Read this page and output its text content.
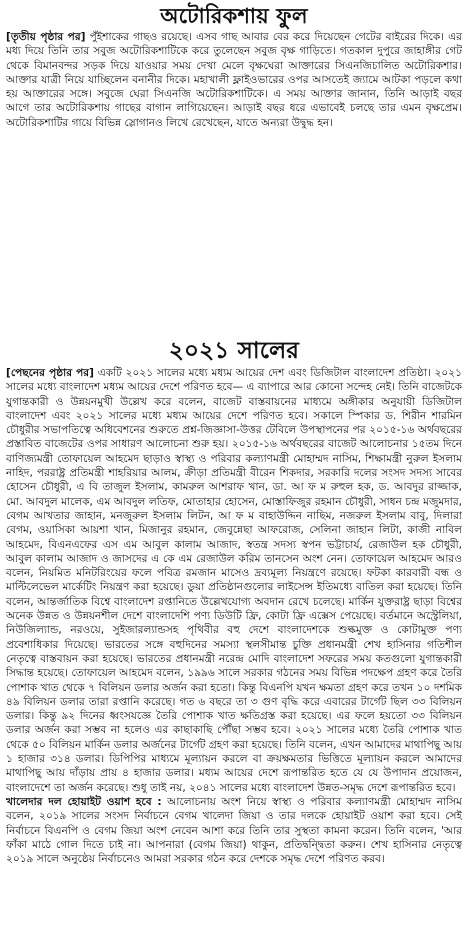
অটোরিকশায় ফুল

[তৃতীয় পৃষ্ঠার পর] পুঁইশাকের গাছও রয়েছে। এসব গাছ আবার বের করে দিয়েছেন গেটের বাইরের দিকে। এর মধ্য দিয়ে তিনি তার সবুজ অটোরিকশাটিকে করে তুলেছেন সবুজ বৃক্ষ গাড়িতে। গতকাল দুপুরে জাহাঙ্গীর গেট থেকে বিমানবন্দর সড়ক দিয়ে যাওয়ার সময় দেখা মেলে বৃক্ষঘেরা আক্তারের সিএনজিচালিত অটোরিকশার। আক্তার যাত্রী নিয়ে যাচ্ছিলেন বনানীর দিকে। মহাখালী ফ্লাইওভারের ওপর আসতেই জ্যামে আটকা পড়লে কথা হয় আক্তারের সঙ্গে। সবুজে ঘেরা সিএনজি অটোরিকশাটিকে। এ সময় আক্তার জানান, তিনি আড়াই বছর আগে তার অটোরিকশায় গাছের বাগান লাগিয়েছেন। আড়াই বছর ধরে এভাবেই চলছে তার এমন বৃক্ষপ্রেম। অটোরিকশাটির গায়ে বিভিন্ন স্লোগানও লিখে রেখেছেন, যাতে অন্যরা উদ্বুদ্ধ হন।

২০২১ সালের

[পেছনের পৃষ্ঠার পর] একটি ২০২১ সালের মধ্যে মধ্যম আয়ের দেশ এবং ডিজিটাল বাংলাদেশ প্রতিষ্ঠা। ২০২১ সালের মধ্যে বাংলাদেশ মধ্যম আয়ের দেশে পরিণত হবে— এ ব্যাপারে আর কোনো সন্দেহ নেই। তিনি বাজেটকে যুগান্তকারী ও উন্নয়নমুখী উল্লেখ করে বলেন, বাজেট বাস্তবায়নের মাধ্যমে অঙ্গীকার অনুযায়ী ডিজিটাল বাংলাদেশ এবং ২০২১ সালের মধ্যে মধ্যম আয়ের দেশে পরিণত হবে। সকালে স্পিকার ড. শিরীন শারমিন চৌধুরীর সভাপতিত্বে অধিবেশনের শুরুতে প্রশ্ন-জিজ্ঞাসা-উত্তর টেবিলে উপস্থাপনের পর ২০১৫-১৬ অর্থবছরের প্রস্তাবিত বাজেটের ওপর সাধারণ আলোচনা শুরু হয়। ২০১৫-১৬ অর্থবছরের বাজেট আলোচনার ১৫তম দিনে বাণিজ্যমন্ত্রী তোফায়েল আহমেদ ছাড়াও স্বাস্থ্য ও পরিবার কল্যাণমন্ত্রী মোহাম্মদ নাসিম, শিক্ষামন্ত্রী নুরুল ইসলাম নাহিদ, পররাষ্ট্র প্রতিমন্ত্রী শাহরিয়ার আলম, ক্রীড়া প্রতিমন্ত্রী বীরেন শিকদার, সরকারি দলের সংসদ সদস্য সাবের হোসেন চৌধুরী, এ বি তাজুল ইসলাম, কামরুল আশরাফ খান, ডা. আ ফ ম রুহুল হক, ড. আবদুর রাজ্জাক, মো. আবদুল মালেক, এম আবদুল লতিফ, মোতাহার হোসেন, মোস্তাফিজুর রহমান চৌধুরী, সাধন চন্দ্র মজুমদার, বেগম আখতার জাহান, মনজুরুল ইসলাম লিটন, আ ফ ম বাহাউদ্দিন নাছিম, নজরুল ইসলাম বাবু, দিলারা বেগম, ওয়াসিকা আয়শা খান, মিজানুর রহমান, জেবুন্নেছা আফরোজ, সেলিনা জাহান লিটা, কাজী নাবিল আহমেদ, বিএনএফের এস এম আবুল কালাম আজাদ, স্বতন্ত্র সদস্য স্বপন ভট্টাচার্য, রেজাউল হক চৌধুরী, আবুল কালাম আজাদ ও জাসদের এ কে এম রেজাউল করিম তানসেন অংশ নেন। তোফায়েল আহমেদ আরও বলেন, নিয়মিত মনিটরিংয়ের ফলে পবিত্র রমজান মাসেও দ্রব্যমূল্য নিয়ন্ত্রণে রয়েছে। ফটকা কারবারী বন্ধ ও মাল্টিলেভেল মার্কেটিং নিয়ন্ত্রণ করা হয়েছে। ডুয়া প্রতিষ্ঠানগুলোর লাইসেন্স ইতিমধ্যে বাতিল করা হয়েছে। তিনি বলেন, আন্তর্জাতিক বিশ্বে বাংলাদেশ রপ্তানিতে উল্লেখযোগ্য অবদান রেখে চলেছে। মার্কিন যুক্তরাষ্ট্র ছাড়া বিশ্বের অনেক উন্নত ও উন্নয়নশীল দেশে বাংলাদেশি পণ্য ডিউটি ফ্রি, কোটা ফ্রি এক্সেস পেয়েছে। বর্তমানে অস্ট্রেলিয়া, নিউজিল্যান্ড, নরওয়ে, সুইজারল্যান্ডসহ পৃথিবীর বহু দেশে বাংলাদেশকে শুল্কমুক্ত ও কোটামুক্ত পণ্য প্রবেশাধিকার দিয়েছে। ভারতের সঙ্গে বহুদিনের সমস্যা স্থলসীমান্ত চুক্তি প্রধানমন্ত্রী শেখ হাসিনার গতিশীল নেতৃত্বে বাস্তবায়ন করা হয়েছে। ভারতের প্রধানমন্ত্রী নরেন্দ্র মোদি বাংলাদেশ সফরের সময় কতগুলো যুগান্তকারী সিদ্ধান্ত হয়েছে। তোফায়েল আহমেদ বলেন, ১৯৯৬ সালে সরকার গঠনের সময় বিভিন্ন পদক্ষেপ গ্রহণ করে তৈরি পোশাক খাত থেকে ৭ বিলিয়ন ডলার অর্জন করা হতো। কিন্তু বিএনপি যখন ক্ষমতা গ্রহণ করে তখন ১০ দশমিক ৪৯ বিলিয়ন ডলার তারা রপ্তানি করেছে। গত ৬ বছরে তা ৩ গুণ বৃদ্ধি করে এবারের টার্গেট ছিল ৩৩ বিলিয়ন ডলার। কিন্তু ৯২ দিনের ধ্বংসযজ্ঞে তৈরি পোশাক খাত ক্ষতিগ্রস্ত করা হয়েছে। এর ফলে হয়তো ৩৩ বিলিয়ন ডলার অর্জন করা সম্ভব না হলেও এর কাছাকাছি পৌঁছা সম্ভব হবে। ২০২১ সালের মধ্যে তৈরি পোশাক খাত থেকে ৫০ বিলিয়ন মার্কিন ডলার অর্জনের টার্গেট গ্রহণ করা হয়েছে। তিনি বলেন, এখন আমাদের মাথাপিছু আয় ১ হাজার ৩১৪ ডলার। ডিপিপির মাধ্যমে মূল্যায়ন করলে বা ক্রয়ক্ষমতার ভিত্তিতে মূল্যায়ন করলে আমাদের মাথাপিছু আয় দাঁড়ায় প্রায় ৪ হাজার ডলার। মধ্যম আয়ের দেশে রূপান্তরিত হতে যে যে উপাদান প্রয়োজন, বাংলাদেশে তা অর্জন করেছে। শুধু তাই নয়, ২০৪১ সালের মধ্যে বাংলাদেশ উন্নত-সমৃদ্ধ দেশে রূপান্তরিত হবে।
খালেদার দল হোয়াইট ওয়াশ হবে : আলোচনায় অংশ নিয়ে স্বাস্থ্য ও পরিবার কল্যাণমন্ত্রী মোহাম্মদ নাসিম বলেন, ২০১৯ সালের সংসদ নির্বাচনে বেগম খালেদা জিয়া ও তার দলকে হোয়াইট ওয়াশ করা হবে। সেই নির্বাচনে বিএনপি ও বেগম জিয়া অংশ নেবেন আশা করে তিনি তার সুস্থতা কামনা করেন। তিনি বলেন, 'আর ফাঁকা মাঠে গোল দিতে চাই না। আপনারা (বেগম জিয়া) থাকুন, প্রতিদ্বন্দ্বিতা করুন। শেখ হাসিনার নেতৃত্বে ২০১৯ সালে অনুষ্ঠেয় নির্বাচনেও আমরা সরকার গঠন করে দেশকে সমৃদ্ধ দেশে পরিণত করব।
